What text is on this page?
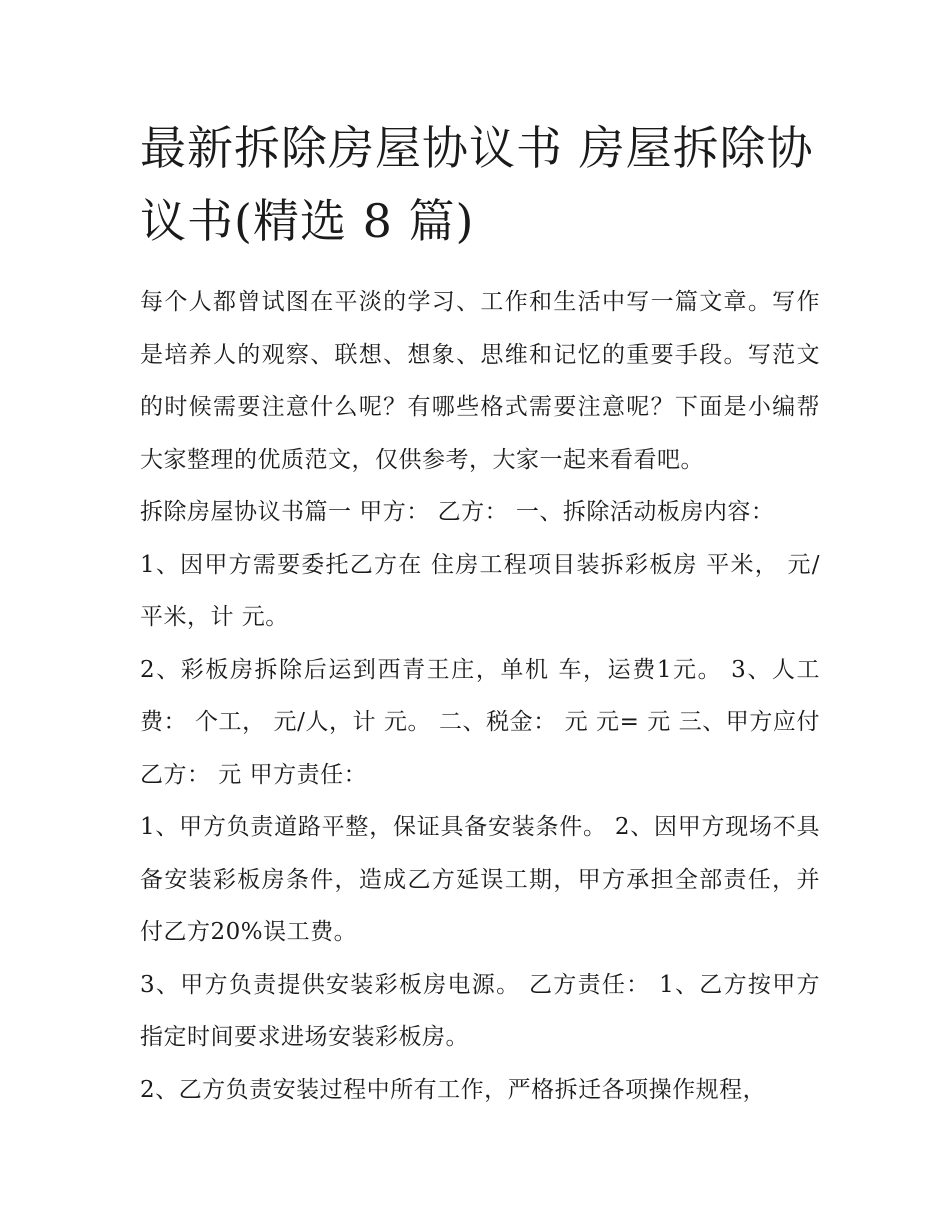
最新拆除房屋协议书 房屋拆除协议书(精选 8 篇)

每个人都曾试图在平淡的学习、工作和生活中写一篇文章。写作是培养人的观察、联想、想象、思维和记忆的重要手段。写范文的时候需要注意什么呢？有哪些格式需要注意呢？下面是小编帮大家整理的优质范文，仅供参考，大家一起来看看吧。

拆除房屋协议书篇一 甲方： 乙方： 一、拆除活动板房内容：

1、因甲方需要委托乙方在 住房工程项目装拆彩板房 平米， 元/平米，计 元。

2、彩板房拆除后运到西青王庄，单机 车，运费1元。 3、人工费： 个工， 元/人，计 元。 二、税金： 元 元= 元 三、甲方应付乙方： 元 甲方责任：

1、甲方负责道路平整，保证具备安装条件。 2、因甲方现场不具备安装彩板房条件，造成乙方延误工期，甲方承担全部责任，并付乙方20%误工费。

3、甲方负责提供安装彩板房电源。 乙方责任： 1、乙方按甲方指定时间要求进场安装彩板房。

2、乙方负责安装过程中所有工作，严格拆迁各项操作规程，
